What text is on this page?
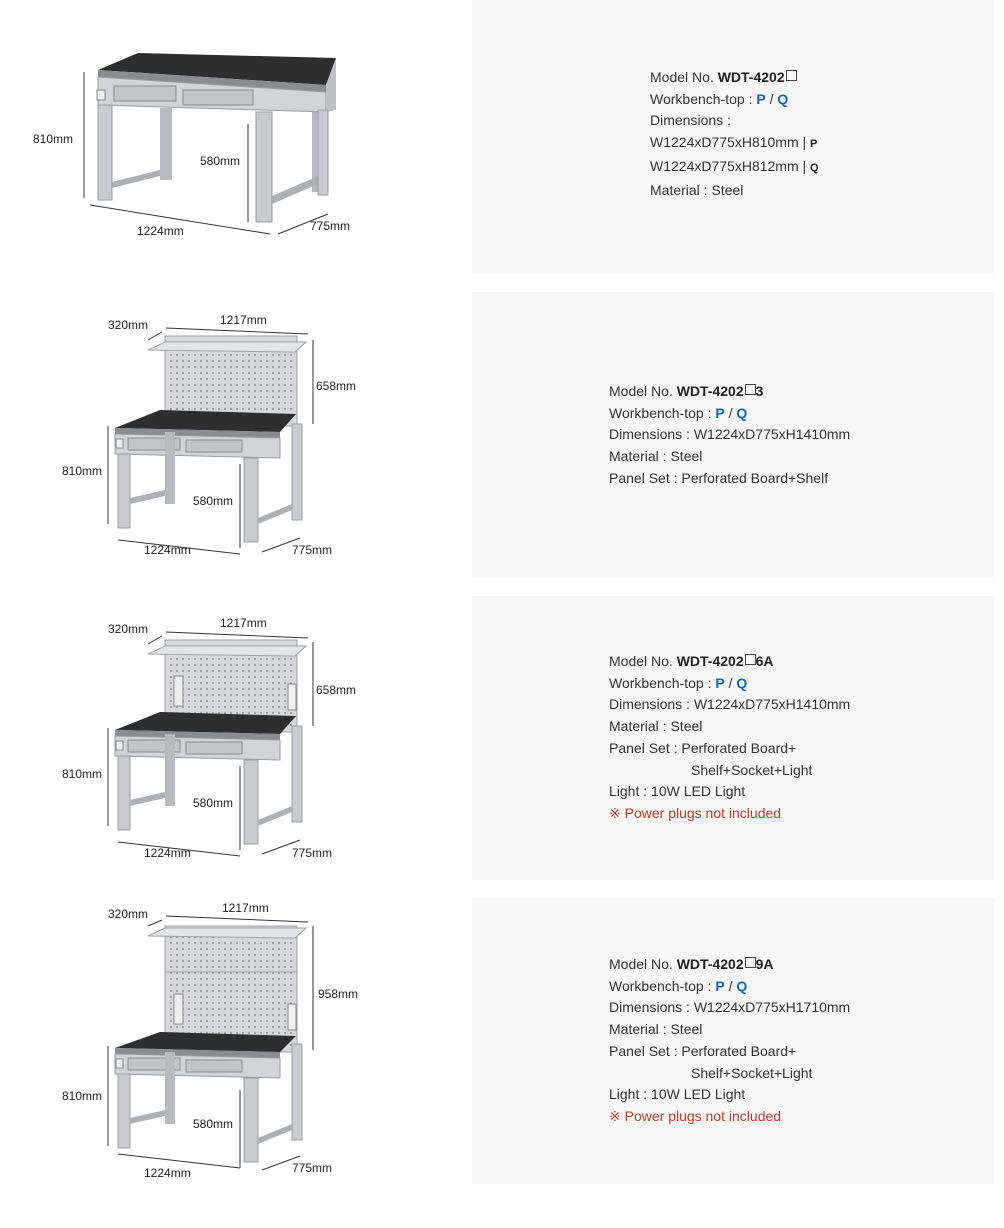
810mm
580mm
1224mm	775mm
Model No. WDT-4202
Workbench-top : P / Q
Dimensions :
W1224xD775xH810mm | P
W1224xD775xH812mm | Q
Material : Steel
320mm	1217mm
658mm
810mm
580mm
1224mm	775mm
Model No. WDT-4202 3
Workbench-top : P / Q
Dimensions : W1224xD775xH1410mm
Material : Steel
Panel Set : Perforated Board+Shelf
320mm	1217mm
658mm
810mm
580mm
1224mm	775mm
Model No. WDT-4202 6A
Workbench-top : P / Q
Dimensions : W1224xD775xH1410mm
Material : Steel
Panel Set : Perforated Board+
Shelf+Socket+Light
Light : 10W LED Light
※ Power plugs not included
320mm	1217mm
958mm
810mm
580mm
1224mm	775mm
Model No. WDT-4202 9A
Workbench-top : P / Q
Dimensions : W1224xD775xH1710mm
Material : Steel
Panel Set : Perforated Board+
Shelf+Socket+Light
Light : 10W LED Light
※ Power plugs not included
